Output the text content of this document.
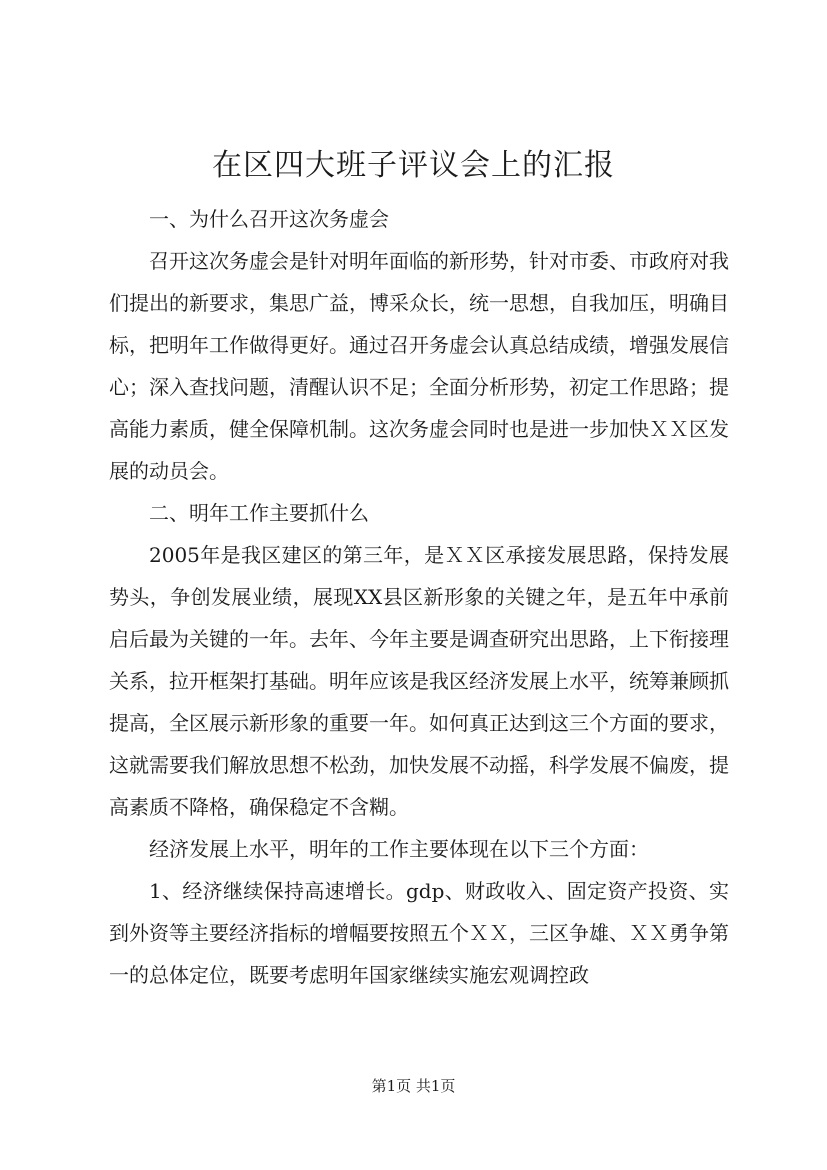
在区四大班子评议会上的汇报

一、为什么召开这次务虚会

召开这次务虚会是针对明年面临的新形势，针对市委、市政府对我们提出的新要求，集思广益，博采众长，统一思想，自我加压，明确目标，把明年工作做得更好。通过召开务虚会认真总结成绩，增强发展信心；深入查找问题，清醒认识不足；全面分析形势，初定工作思路；提高能力素质，健全保障机制。这次务虚会同时也是进一步加快ＸＸ区发展的动员会。

二、明年工作主要抓什么

2005年是我区建区的第三年，是ＸＸ区承接发展思路，保持发展势头，争创发展业绩，展现XX县区新形象的关键之年，是五年中承前启后最为关键的一年。去年、今年主要是调查研究出思路，上下衔接理关系，拉开框架打基础。明年应该是我区经济发展上水平，统筹兼顾抓提高，全区展示新形象的重要一年。如何真正达到这三个方面的要求，这就需要我们解放思想不松劲，加快发展不动摇，科学发展不偏废，提高素质不降格，确保稳定不含糊。

经济发展上水平，明年的工作主要体现在以下三个方面：

1、经济继续保持高速增长。gdp、财政收入、固定资产投资、实到外资等主要经济指标的增幅要按照五个ＸＸ，三区争雄、ＸＸ勇争第一的总体定位，既要考虑明年国家继续实施宏观调控政

第1页 共1页
